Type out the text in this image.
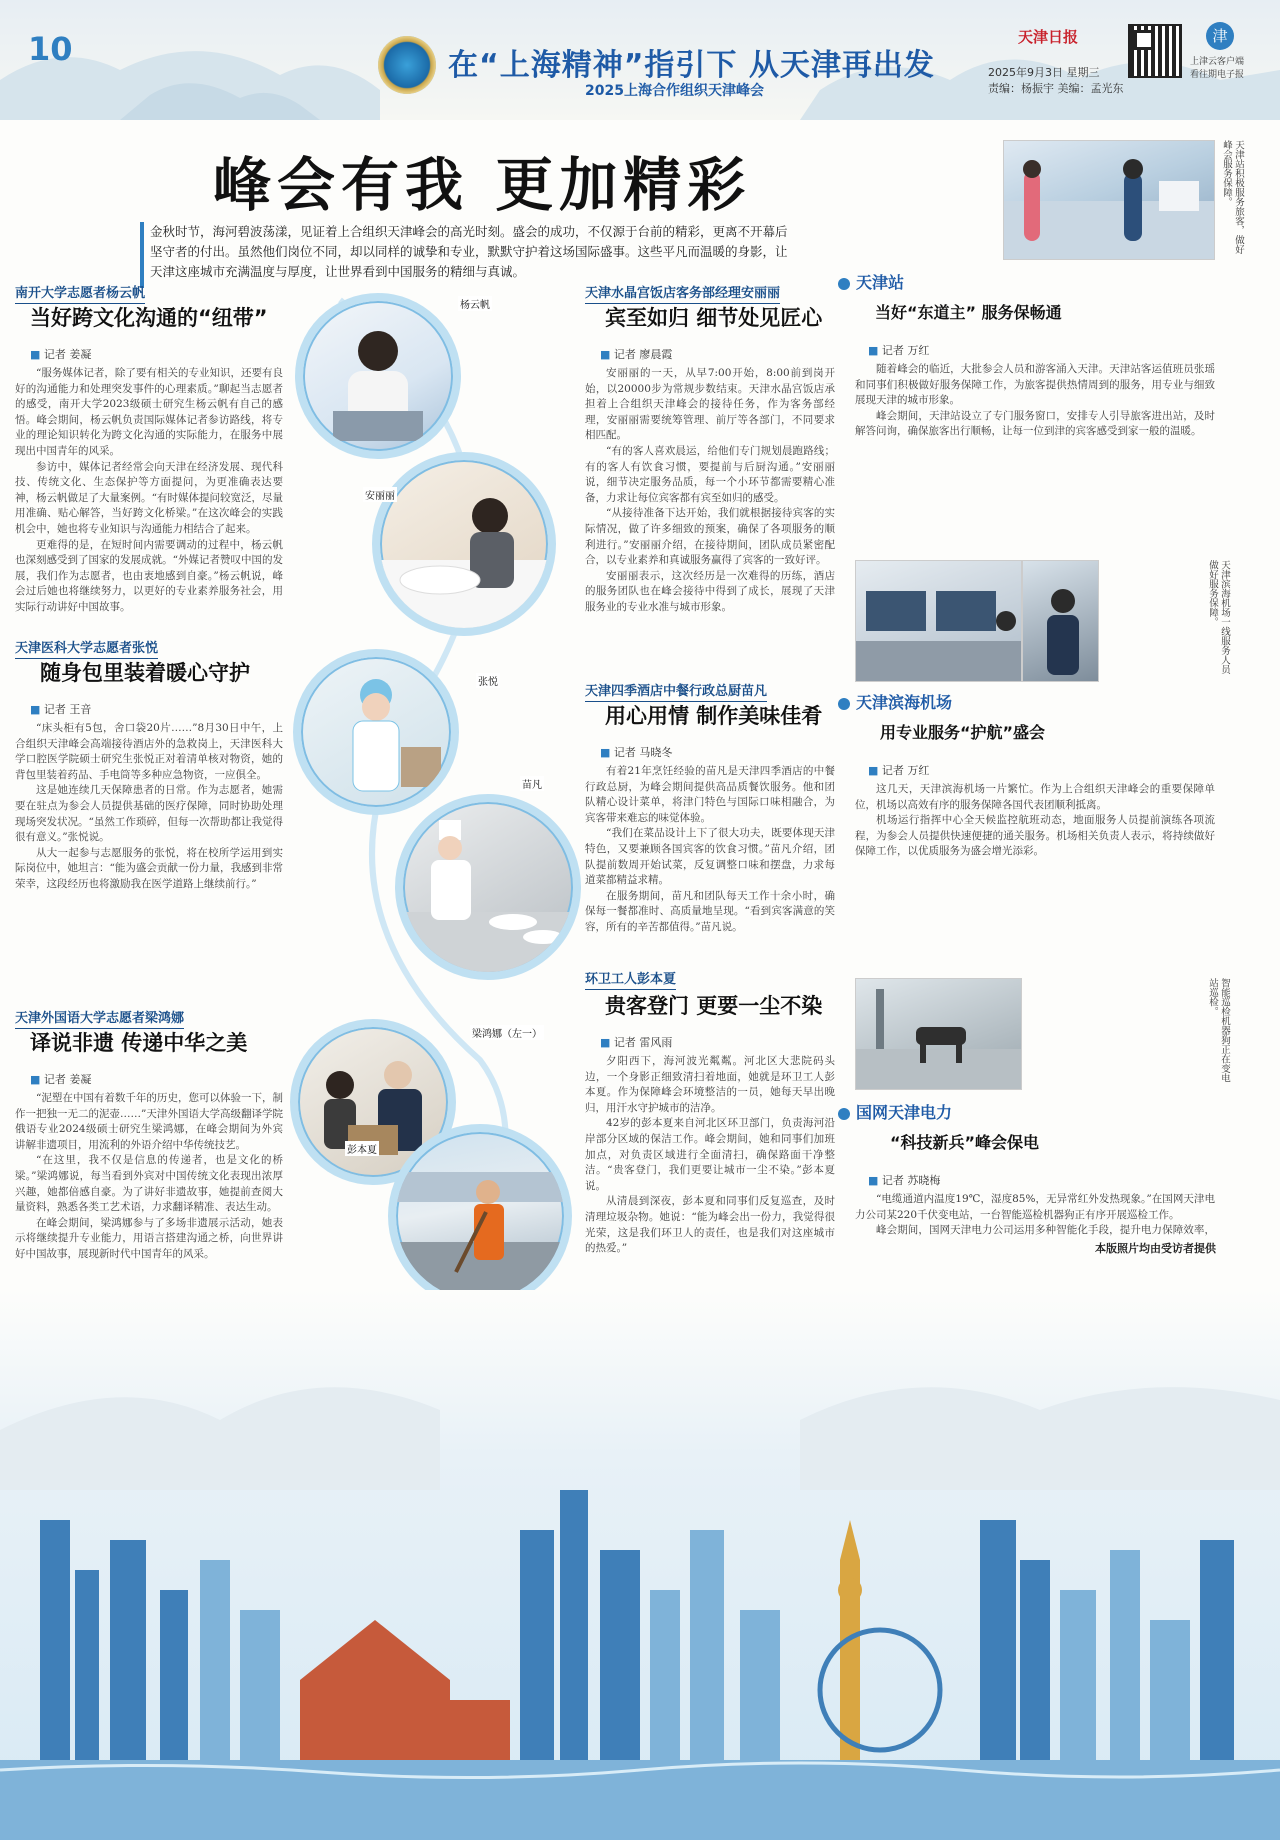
10	在“上海精神”指引下 从天津再出发
2025上海合作组织天津峰会
天津日报
2025年9月3日 星期三
责编：杨振宇 美编：孟光东
津
上津云客户端
看往期电子报
峰会有我 更加精彩
金秋时节，海河碧波荡漾，见证着上合组织天津峰会的高光时刻。盛会的成功，不仅源于台前的精彩，更离不开幕后坚守者的付出。虽然他们岗位不同，却以同样的诚挚和专业，默默守护着这场国际盛事。这些平凡而温暖的身影，让天津这座城市充满温度与厚度，让世界看到中国服务的精细与真诚。
天津站积极服务旅客，做好峰会服务保障。
南开大学志愿者杨云帆
当好跨文化沟通的“纽带”
■ 记者 姜凝

“服务媒体记者，除了要有相关的专业知识，还要有良好的沟通能力和处理突发事件的心理素质。”聊起当志愿者的感受，南开大学2023级硕士研究生杨云帆有自己的感悟。峰会期间，杨云帆负责国际媒体记者参访路线，将专业的理论知识转化为跨文化沟通的实际能力，在服务中展现出中国青年的风采。

参访中，媒体记者经常会向天津在经济发展、现代科技、传统文化、生态保护等方面提问，为更准确表达要神，杨云帆做足了大量案例。“有时媒体提问较宽泛，尽量用准确、贴心解答，当好跨文化桥梁。”在这次峰会的实践机会中，她也将专业知识与沟通能力相结合了起来。

更难得的是，在短时间内需要调动的过程中，杨云帆也深刻感受到了国家的发展成就。“外媒记者赞叹中国的发展，我们作为志愿者，也由衷地感到自豪。”杨云帆说，峰会过后她也将继续努力，以更好的专业素养服务社会，用实际行动讲好中国故事。

天津医科大学志愿者张悦
随身包里装着暖心守护
■ 记者 王音

“床头柜有5包，舍口袋20片……”8月30日中午，上合组织天津峰会高端接待酒店外的急救岗上，天津医科大学口腔医学院硕士研究生张悦正对着清单核对物资，她的背包里装着药品、手电筒等多种应急物资，一应俱全。

这是她连续几天保障患者的日常。作为志愿者，她需要在驻点为参会人员提供基础的医疗保障，同时协助处理现场突发状况。“虽然工作琐碎，但每一次帮助都让我觉得很有意义。”张悦说。

从大一起参与志愿服务的张悦，将在校所学运用到实际岗位中，她坦言：“能为盛会贡献一份力量，我感到非常荣幸，这段经历也将激励我在医学道路上继续前行。”

天津外国语大学志愿者梁鸿娜
译说非遗 传递中华之美
■ 记者 姜凝

“泥塑在中国有着数千年的历史，您可以体验一下，制作一把独一无二的泥壶……”天津外国语大学高级翻译学院俄语专业2024级硕士研究生梁鸿娜，在峰会期间为外宾讲解非遗项目，用流利的外语介绍中华传统技艺。

“在这里，我不仅是信息的传递者，也是文化的桥梁。”梁鸿娜说，每当看到外宾对中国传统文化表现出浓厚兴趣，她都倍感自豪。为了讲好非遗故事，她提前查阅大量资料，熟悉各类工艺术语，力求翻译精准、表达生动。

在峰会期间，梁鸿娜参与了多场非遗展示活动，她表示将继续提升专业能力，用语言搭建沟通之桥，向世界讲好中国故事，展现新时代中国青年的风采。

杨云帆
安丽丽
张悦
苗凡
梁鸿娜（左一）
彭本夏
天津水晶宫饭店客务部经理安丽丽
宾至如归 细节处见匠心
■ 记者 廖晨霞

安丽丽的一天，从早7:00开始，8:00前到岗开始，以20000步为常规步数结束。天津水晶宫饭店承担着上合组织天津峰会的接待任务，作为客务部经理，安丽丽需要统筹管理、前厅等各部门，不同要求相匹配。

“有的客人喜欢晨运，给他们专门规划晨跑路线；有的客人有饮食习惯，要提前与后厨沟通。”安丽丽说，细节决定服务品质，每一个小环节都需要精心准备，力求让每位宾客都有宾至如归的感受。

“从接待准备下达开始，我们就根据接待宾客的实际情况，做了许多细致的预案，确保了各项服务的顺利进行。”安丽丽介绍，在接待期间，团队成员紧密配合，以专业素养和真诚服务赢得了宾客的一致好评。

安丽丽表示，这次经历是一次难得的历练，酒店的服务团队也在峰会接待中得到了成长，展现了天津服务业的专业水准与城市形象。

天津四季酒店中餐行政总厨苗凡
用心用情 制作美味佳肴
■ 记者 马晓冬

有着21年烹饪经验的苗凡是天津四季酒店的中餐行政总厨，为峰会期间提供高品质餐饮服务。他和团队精心设计菜单，将津门特色与国际口味相融合，为宾客带来难忘的味觉体验。

“我们在菜品设计上下了很大功夫，既要体现天津特色，又要兼顾各国宾客的饮食习惯。”苗凡介绍，团队提前数周开始试菜，反复调整口味和摆盘，力求每道菜都精益求精。

在服务期间，苗凡和团队每天工作十余小时，确保每一餐都准时、高质量地呈现。“看到宾客满意的笑容，所有的辛苦都值得。”苗凡说。

环卫工人彭本夏
贵客登门 更要一尘不染
■ 记者 雷风雨

夕阳西下，海河波光粼粼。河北区大悲院码头边，一个身影正细致清扫着地面，她就是环卫工人彭本夏。作为保障峰会环境整洁的一员，她每天早出晚归，用汗水守护城市的洁净。

42岁的彭本夏来自河北区环卫部门，负责海河沿岸部分区域的保洁工作。峰会期间，她和同事们加班加点，对负责区域进行全面清扫，确保路面干净整洁。“贵客登门，我们更要让城市一尘不染。”彭本夏说。

从清晨到深夜，彭本夏和同事们反复巡查，及时清理垃圾杂物。她说：“能为峰会出一份力，我觉得很光荣，这是我们环卫人的责任，也是我们对这座城市的热爱。”

天津站
当好“东道主” 服务保畅通
■ 记者 万红

随着峰会的临近，大批参会人员和游客涌入天津。天津站客运值班员张瑶和同事们积极做好服务保障工作，为旅客提供热情周到的服务，用专业与细致展现天津的城市形象。

峰会期间，天津站设立了专门服务窗口，安排专人引导旅客进出站，及时解答问询，确保旅客出行顺畅，让每一位到津的宾客感受到家一般的温暖。

天津滨海机场一线服务人员做好服务保障。
天津滨海机场
用专业服务“护航”盛会
■ 记者 万红

这几天，天津滨海机场一片繁忙。作为上合组织天津峰会的重要保障单位，机场以高效有序的服务保障各国代表团顺利抵离。

机场运行指挥中心全天候监控航班动态，地面服务人员提前演练各项流程，为参会人员提供快速便捷的通关服务。机场相关负责人表示，将持续做好保障工作，以优质服务为盛会增光添彩。

智能巡检机器狗正在变电站巡检。
国网天津电力
“科技新兵”峰会保电
■ 记者 苏晓梅

“电缆通道内温度19℃，湿度85%，无异常红外发热现象。”在国网天津电力公司某220千伏变电站，一台智能巡检机器狗正有序开展巡检工作。

峰会期间，国网天津电力公司运用多种智能化手段，提升电力保障效率，

本版照片均由受访者提供
